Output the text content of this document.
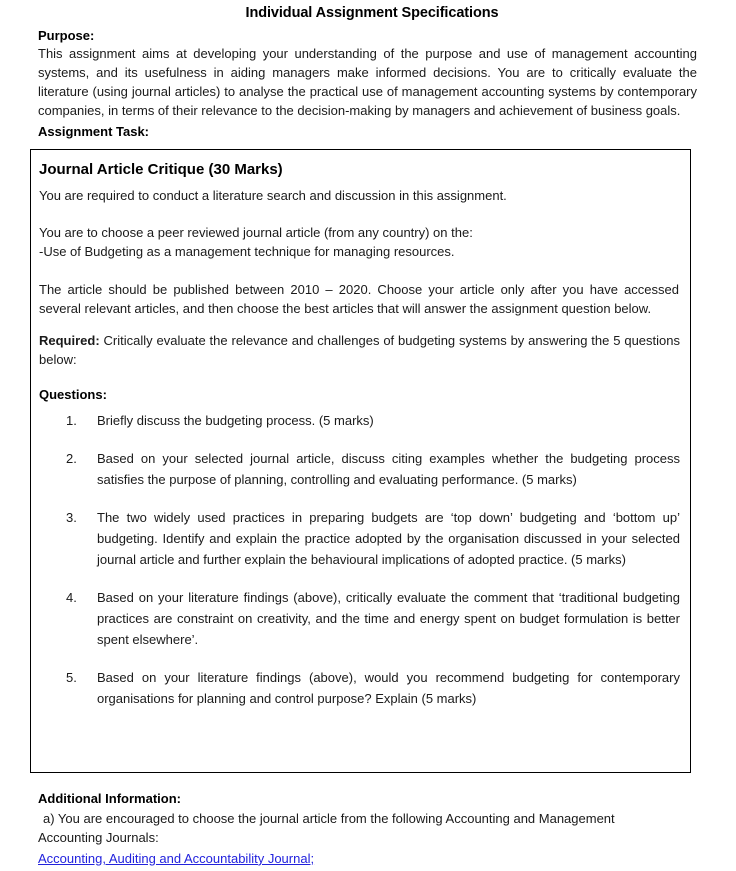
Individual Assignment Specifications
Purpose:

This assignment aims at developing your understanding of the purpose and use of management accounting systems, and its usefulness in aiding managers make informed decisions. You are to critically evaluate the literature (using journal articles) to analyse the practical use of management accounting systems by contemporary companies, in terms of their relevance to the decision-making by managers and achievement of business goals.

Assignment Task:
Journal Article Critique (30 Marks)
You are required to conduct a literature search and discussion in this assignment.
You are to choose a peer reviewed journal article (from any country) on the:
-Use of Budgeting as a management technique for managing resources.

The article should be published between 2010 – 2020. Choose your article only after you have accessed several relevant articles, and then choose the best articles that will answer the assignment question below.

Required: Critically evaluate the relevance and challenges of budgeting systems by answering the 5 questions below:

Questions:
Briefly discuss the budgeting process. (5 marks)
Based on your selected journal article, discuss citing examples whether the budgeting process satisfies the purpose of planning, controlling and evaluating performance. (5 marks)
The two widely used practices in preparing budgets are ‘top down’ budgeting and ‘bottom up’ budgeting. Identify and explain the practice adopted by the organisation discussed in your selected journal article and further explain the behavioural implications of adopted practice. (5 marks)
Based on your literature findings (above), critically evaluate the comment that ‘traditional budgeting practices are constraint on creativity, and the time and energy spent on budget formulation is better spent elsewhere’.
Based on your literature findings (above), would you recommend budgeting for contemporary organisations for planning and control purpose? Explain (5 marks)
Additional Information:
a) You are encouraged to choose the journal article from the following Accounting and Management
Accounting Journals:
Accounting, Auditing and Accountability Journal;
